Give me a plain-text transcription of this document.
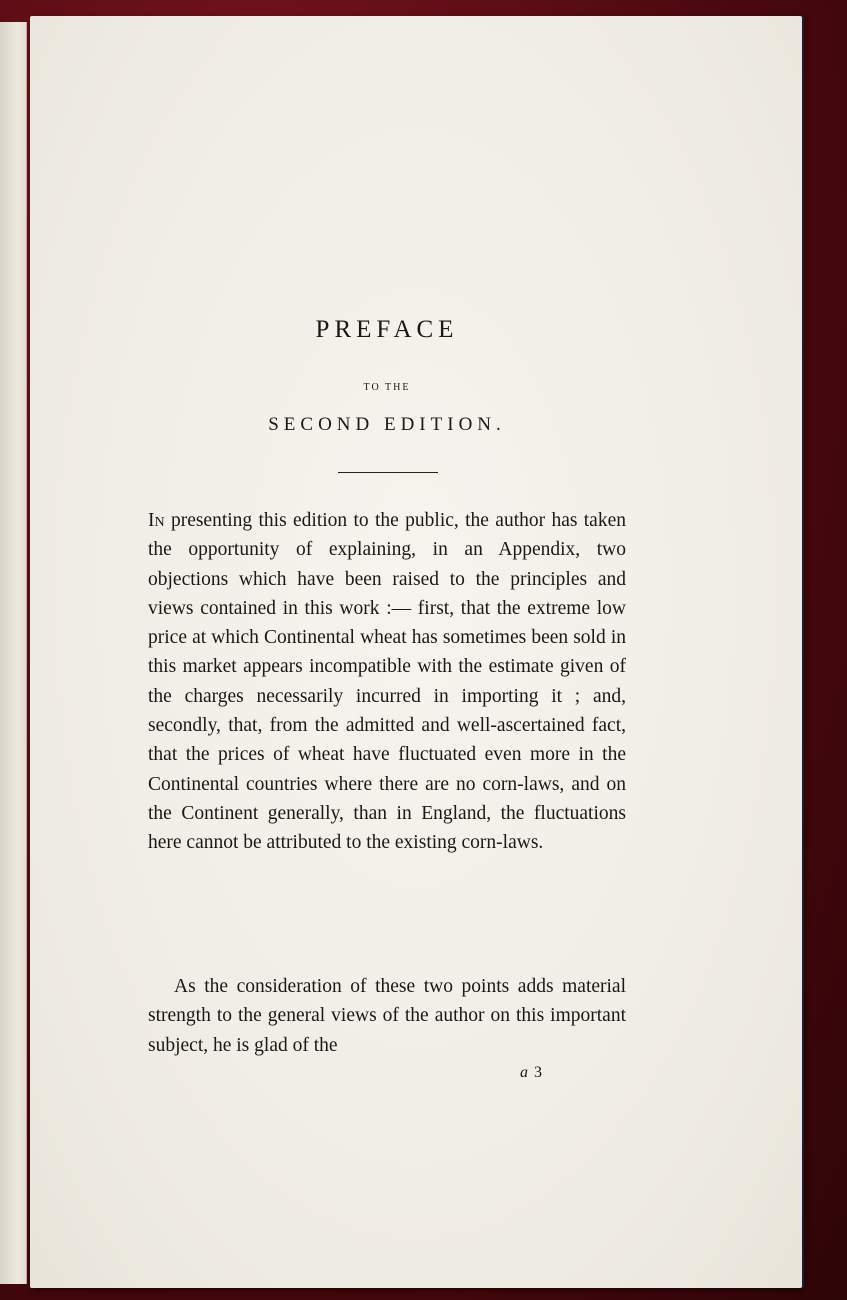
PREFACE
TO THE
SECOND EDITION.

In presenting this edition to the public, the author has taken the opportunity of explaining, in an Appendix, two objections which have been raised to the principles and views contained in this work :— first, that the extreme low price at which Continental wheat has sometimes been sold in this market appears incompatible with the estimate given of the charges necessarily incurred in importing it ; and, secondly, that, from the admitted and well-ascertained fact, that the prices of wheat have fluctuated even more in the Continental countries where there are no corn-laws, and on the Continent generally, than in England, the fluctuations here cannot be attributed to the existing corn-laws.

As the consideration of these two points adds material strength to the general views of the author on this important subject, he is glad of the

a 3
